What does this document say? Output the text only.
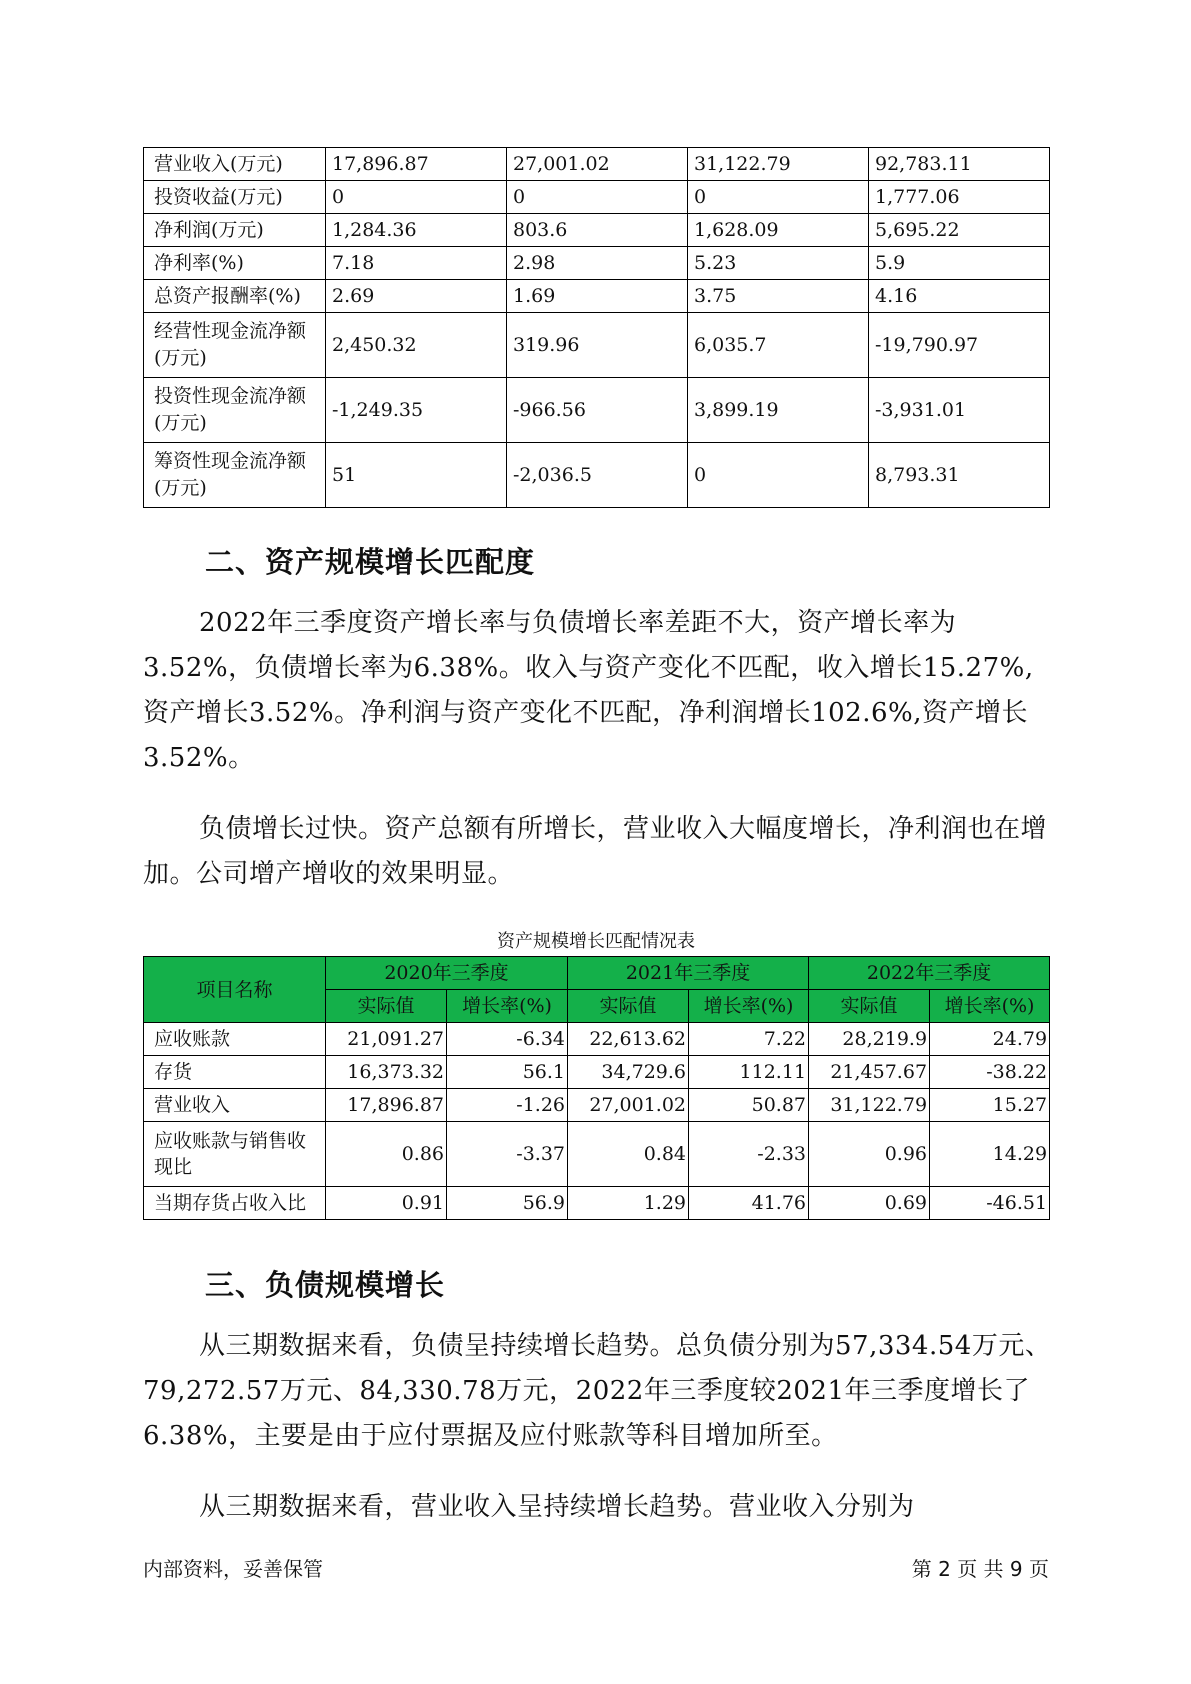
营业收入(万元)	17,896.87	27,001.02	31,122.79	92,783.11
投资收益(万元)	0	0	0	1,777.06
净利润(万元)	1,284.36	803.6	1,628.09	5,695.22
净利率(%)	7.18	2.98	5.23	5.9
总资产报酬率(%)	2.69	1.69	3.75	4.16
经营性现金流净额(万元)	2,450.32	319.96	6,035.7	-19,790.97
投资性现金流净额(万元)	-1,249.35	-966.56	3,899.19	-3,931.01
筹资性现金流净额(万元)	51	-2,036.5	0	8,793.31
二、资产规模增长匹配度

2022年三季度资产增长率与负债增长率差距不大，资产增长率为3.52%，负债增长率为6.38%。收入与资产变化不匹配，收入增长15.27%,资产增长3.52%。净利润与资产变化不匹配，净利润增长102.6%,资产增长3.52%。

负债增长过快。资产总额有所增长，营业收入大幅度增长，净利润也在增加。公司增产增收的效果明显。

资产规模增长匹配情况表
项目名称	2020年三季度		2021年三季度		2022年三季度	
	实际值	增长率(%)	实际值	增长率(%)	实际值	增长率(%)
应收账款	21,091.27	-6.34	22,613.62	7.22	28,219.9	24.79
存货	16,373.32	56.1	34,729.6	112.11	21,457.67	-38.22
营业收入	17,896.87	-1.26	27,001.02	50.87	31,122.79	15.27
应收账款与销售收现比	0.86	-3.37	0.84	-2.33	0.96	14.29
当期存货占收入比	0.91	56.9	1.29	41.76	0.69	-46.51
三、负债规模增长

从三期数据来看，负债呈持续增长趋势。总负债分别为57,334.54万元、79,272.57万元、84,330.78万元，2022年三季度较2021年三季度增长了6.38%，主要是由于应付票据及应付账款等科目增加所至。

从三期数据来看，营业收入呈持续增长趋势。营业收入分别为

内部资料，妥善保管	第 2 页 共 9 页
